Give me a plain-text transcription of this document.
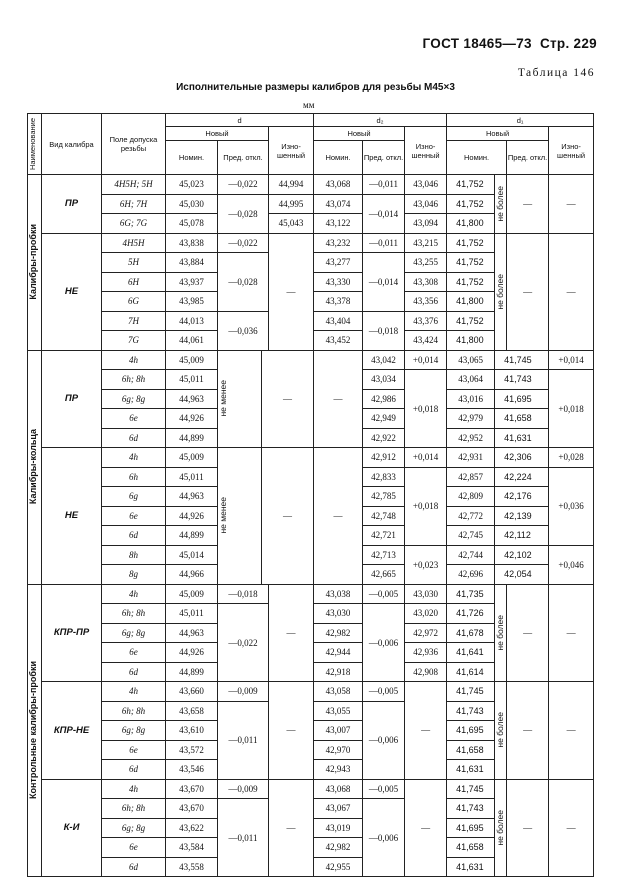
ГОСТ 18465—73 Стр. 229
Таблица 146
Исполнительные размеры калибров для резьбы М45×3
мм
Наименование	Вид калибра	Поле допуска резьбы	d				d₂			d₁				
			Новый			Изно-шенный	Новый		Изно-шенный	Новый			Изно-шенный	
			Номин.	Пред. откл.			Номин.	Пред. откл.		Номин.		Пред. откл.		

Калибры-пробки	ПР	4H5H; 5H	45,023	—0,022		44,994	43,068	—0,011	43,046	41,752	не более	—	—	
		6H; 7H	45,030	—0,028		44,995	43,074	—0,014	43,046	41,752				
		6G; 7G	45,078			45,043	43,122		43,094	41,800				
	НЕ	4H5H	43,838	—0,022		—	43,232	—0,011	43,215	41,752	не более	—	—	
		5H	43,884	—0,028			43,277	—0,014	43,255	41,752				
		6H	43,937				43,330		43,308	41,752				
		6G	43,985				43,378		43,356	41,800				
		7H	44,013	—0,036			43,404	—0,018	43,376	41,752				
		7G	44,061				43,452		43,424	41,800				

Калибры-кольца	ПР	4h	45,009	не менее	—		—	43,042	+0,014	43,065	41,745		+0,014	
		6h; 8h	45,011					43,034	+0,018	43,064	41,743		+0,018	
		6g; 8g	44,963					42,986		43,016	41,695	
		6e	44,926					42,949		42,979	41,658	
		6d	44,899					42,922		42,952	41,631	
	НЕ	4h	45,009	не менее	—		—	42,912	+0,014	42,931	42,306		+0,028	
		6h	45,011					42,833	+0,018	42,857	42,224		+0,036	
		6g	44,963					42,785		42,809	42,176			
		6e	44,926					42,748		42,772	42,139			
		6d	44,899					42,721		42,745	42,112			
		8h	45,014					42,713	+0,023	42,744	42,102		+0,046	
		8g	44,966					42,665		42,696	42,054			

Контрольные калибры-пробки	КПР-ПР	4h	45,009	—0,018		—	43,038	—0,005	43,030	41,735	не более	—	—	
		6h; 8h	45,011	—0,022			43,030	—0,006	43,020	41,726				
		6g; 8g	44,963				42,982		42,972	41,678				
		6e	44,926				42,944		42,936	41,641				
		6d	44,899				42,918		42,908	41,614				
	КПР-НЕ	4h	43,660	—0,009		—	43,058	—0,005	—	41,745	не более	—	—	
		6h; 8h	43,658	—0,011			43,055	—0,006		41,743				
		6g; 8g	43,610				43,007			41,695				
		6e	43,572				42,970			41,658				
		6d	43,546				42,943			41,631				
	К-И	4h	43,670	—0,009		—	43,068	—0,005	—	41,745	не более	—	—	
		6h; 8h	43,670	—0,011			43,067	—0,006		41,743				
		6g; 8g	43,622				43,019			41,695				
		6e	43,584				42,982			41,658				
		6d	43,558				42,955			41,631				
